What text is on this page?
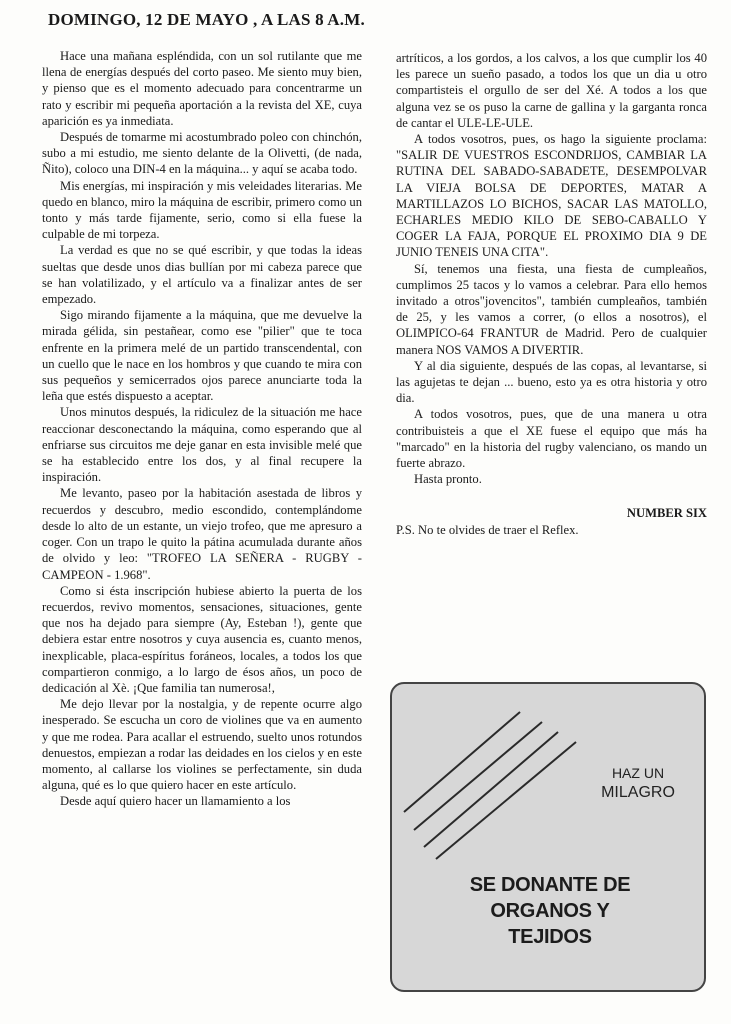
DOMINGO, 12 DE MAYO , A LAS 8 A.M.

Hace una mañana espléndida, con un sol rutilante que me llena de energías después del corto paseo. Me siento muy bien, y pienso que es el momento adecuado para concentrarme un rato y escribir mi pequeña aportación a la revista del XE, cuya aparición es ya inmediata.

Después de tomarme mi acostumbrado poleo con chinchón, subo a mi estudio, me siento delante de la Olivetti, (de nada, Ñito), coloco una DIN-4 en la máquina... y aquí se acaba todo.

Mis energías, mi inspiración y mis veleidades literarias. Me quedo en blanco, miro la máquina de escribir, primero como un tonto y más tarde fijamente, serio, como si ella fuese la culpable de mi torpeza.

La verdad es que no se qué escribir, y que todas la ideas sueltas que desde unos dias bullían por mi cabeza parece que se han volatilizado, y el artículo va a finalizar antes de ser empezado.

Sigo mirando fijamente a la máquina, que me devuelve la mirada gélida, sin pestañear, como ese "pilier" que te toca enfrente en la primera melé de un partido transcendental, con un cuello que le nace en los hombros y que cuando te mira con sus pequeños y semicerrados ojos parece anunciarte toda la leña que estés dispuesto a aceptar.

Unos minutos después, la ridiculez de la situación me hace reaccionar desconectando la máquina, como esperando que al enfriarse sus circuitos me deje ganar en esta invisible melé que se ha establecido entre los dos, y al final recupere la inspiración.

Me levanto, paseo por la habitación asestada de libros y recuerdos y descubro, medio escondido, contemplándome desde lo alto de un estante, un viejo trofeo, que me apresuro a coger. Con un trapo le quito la pátina acumulada durante años de olvido y leo: "TROFEO LA SEÑERA - RUGBY - CAMPEON - 1.968".

Como si ésta inscripción hubiese abierto la puerta de los recuerdos, revivo momentos, sensaciones, situaciones, gente que nos ha dejado para siempre (Ay, Esteban !), gente que debiera estar entre nosotros y cuya ausencia es, cuanto menos, inexplicable, placa-espíritus foráneos, locales, a todos los que compartieron conmigo, a lo largo de ésos años, un poco de dedicación al Xè. ¡Que familia tan numerosa!,

Me dejo llevar por la nostalgia, y de repente ocurre algo inesperado. Se escucha un coro de violines que va en aumento y que me rodea. Para acallar el estruendo, suelto unos rotundos denuestos, empiezan a rodar las deidades en los cielos y en este momento, al callarse los violines se perfectamente, sin duda alguna, qué es lo que quiero hacer en este artículo.

Desde aquí quiero hacer un llamamiento a los

artríticos, a los gordos, a los calvos, a los que cumplir los 40 les parece un sueño pasado, a todos los que un dia u otro compartisteis el orgullo de ser del Xé. A todos a los que alguna vez se os puso la carne de gallina y la garganta ronca de cantar el ULE-LE-ULE.

A todos vosotros, pues, os hago la siguiente proclama: "SALIR DE VUESTROS ESCONDRIJOS, CAMBIAR LA RUTINA DEL SABADO-SABADETE, DESEMPOLVAR LA VIEJA BOLSA DE DEPORTES, MATAR A MARTILLAZOS LO BICHOS, SACAR LAS MATOLLO, ECHARLES MEDIO KILO DE SEBO-CABALLO Y COGER LA FAJA, PORQUE EL PROXIMO DIA 9 DE JUNIO TENEIS UNA CITA".

Sí, tenemos una fiesta, una fiesta de cumpleaños, cumplimos 25 tacos y lo vamos a celebrar. Para ello hemos invitado a otros"jovencitos", también cumpleaños, también de 25, y les vamos a correr, (o ellos a nosotros), el OLIMPICO-64 FRANTUR de Madrid. Pero de cualquier manera NOS VAMOS A DIVERTIR.

Y al dia siguiente, después de las copas, al levantarse, si las agujetas te dejan ... bueno, esto ya es otra historia y otro dia.

A todos vosotros, pues, que de una manera u otra contribuisteis a que el XE fuese el equipo que más ha "marcado" en la historia del rugby valenciano, os mando un fuerte abrazo.

Hasta pronto.

NUMBER SIX

P.S. No te olvides de traer el Reflex.

HAZ UN
MILAGRO
SE DONANTE DE
ORGANOS Y
TEJIDOS
